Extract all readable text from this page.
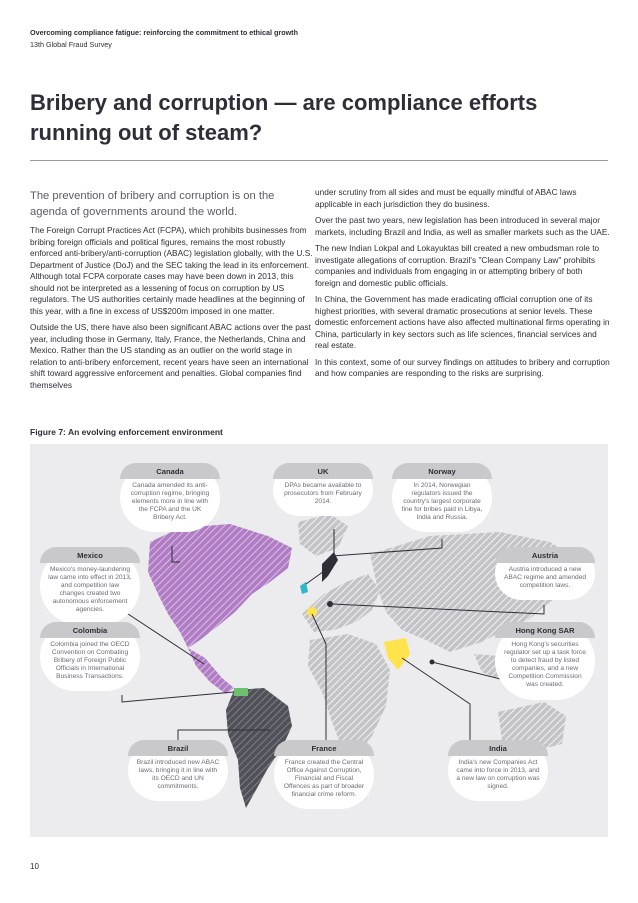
Overcoming compliance fatigue: reinforcing the commitment to ethical growth
13th Global Fraud Survey
Bribery and corruption — are compliance efforts running out of steam?

The prevention of bribery and corruption is on the agenda of governments around the world.

The Foreign Corrupt Practices Act (FCPA), which prohibits businesses from bribing foreign officials and political figures, remains the most robustly enforced anti-bribery/anti-corruption (ABAC) legislation globally, with the U.S. Department of Justice (DoJ) and the SEC taking the lead in its enforcement. Although total FCPA corporate cases may have been down in 2013, this should not be interpreted as a lessening of focus on corruption by US regulators. The US authorities certainly made headlines at the beginning of this year, with a fine in excess of US$200m imposed in one matter.

Outside the US, there have also been significant ABAC actions over the past year, including those in Germany, Italy, France, the Netherlands, China and Mexico. Rather than the US standing as an outlier on the world stage in relation to anti-bribery enforcement, recent years have seen an international shift toward aggressive enforcement and penalties. Global companies find themselves

under scrutiny from all sides and must be equally mindful of ABAC laws applicable in each jurisdiction they do business.

Over the past two years, new legislation has been introduced in several major markets, including Brazil and India, as well as smaller markets such as the UAE.

The new Indian Lokpal and Lokayuktas bill created a new ombudsman role to investigate allegations of corruption. Brazil's "Clean Company Law" prohibits companies and individuals from engaging in or attempting bribery of both foreign and domestic public officials.

In China, the Government has made eradicating official corruption one of its highest priorities, with several dramatic prosecutions at senior levels. These domestic enforcement actions have also affected multinational firms operating in China, particularly in key sectors such as life sciences, financial services and real estate.

In this context, some of our survey findings on attitudes to bribery and corruption and how companies are responding to the risks are surprising.

Figure 7: An evolving enforcement environment
Canada
Canada amended its anti-corruption regime, bringing elements more in line with the FCPA and the UK Bribery Act.
UK
DPAs became available to prosecutors from February 2014.
Norway
In 2014, Norwegian regulators issued the country's largest corporate fine for bribes paid in Libya, India and Russia.
Mexico
Mexico's money-laundering law came into effect in 2013, and competition law changes created two autonomous enforcement agencies.
Austria
Austria introduced a new ABAC regime and amended competition laws.
Colombia
Colombia joined the OECD Convention on Combating Bribery of Foreign Public Officials in International Business Transactions.
Hong Kong SAR
Hong Kong's securities regulator set up a task force to detect fraud by listed companies, and a new Competition Commission was created.
Brazil
Brazil introduced new ABAC laws, bringing it in line with its OECD and UN commitments.
France
France created the Central Office Against Corruption, Financial and Fiscal Offences as part of broader financial crime reform.
India
India's new Companies Act came into force in 2013, and a new law on corruption was signed.
10
